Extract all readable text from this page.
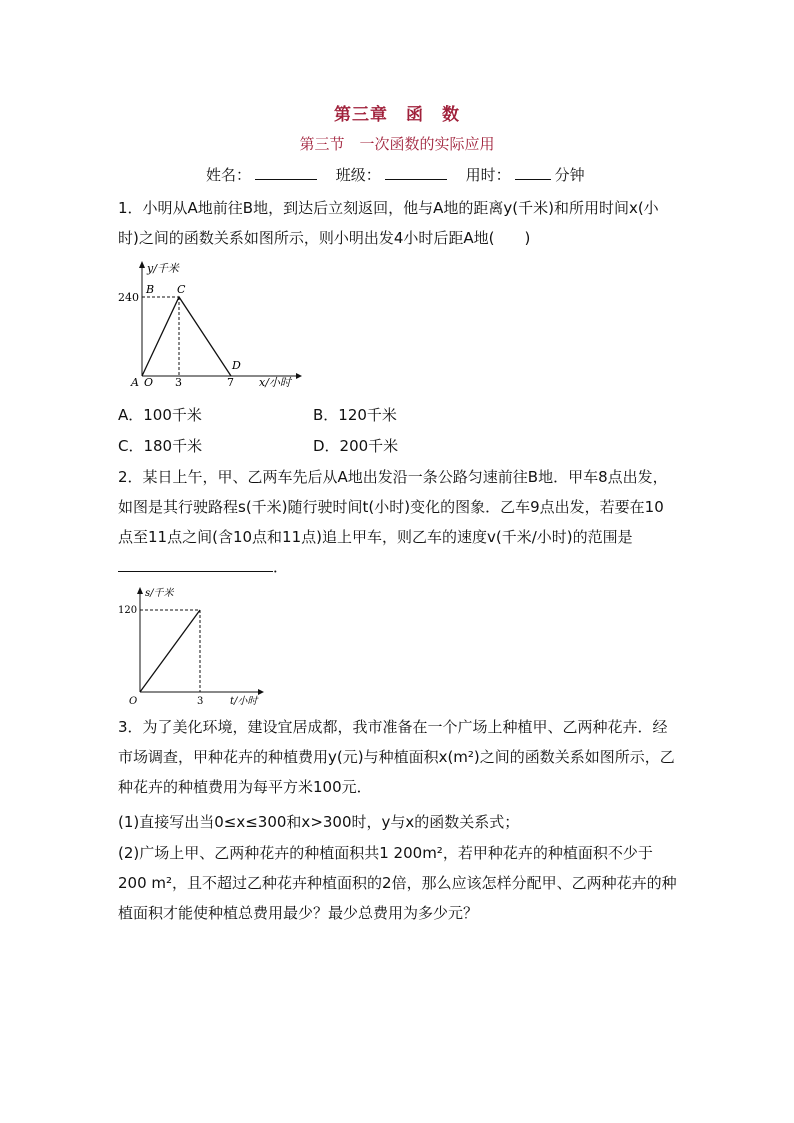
第三章　函　数
第三节　一次函数的实际应用
姓名：	班级：	用时：	分钟
1．小明从A地前往B地，到达后立刻返回，他与A地的距离y(千米)和所用时间x(小时)之间的函数关系如图所示，则小明出发4小时后距A地(　　)
y/千米
x/小时
240
3	7
O
A
B C
D
A．100千米	B．120千米
C．180千米	D．200千米
2．某日上午，甲、乙两车先后从A地出发沿一条公路匀速前往B地．甲车8点出发，如图是其行驶路程s(千米)随行驶时间t(小时)变化的图象．乙车9点出发，若要在10点至11点之间(含10点和11点)追上甲车，则乙车的速度v(千米/小时)的范围是．
s/千米
t/小时
120
3
O
3．为了美化环境，建设宜居成都，我市准备在一个广场上种植甲、乙两种花卉．经市场调查，甲种花卉的种植费用y(元)与种植面积x(m²)之间的函数关系如图所示，乙种花卉的种植费用为每平方米100元．
(1)直接写出当0≤x≤300和x>300时，y与x的函数关系式；
(2)广场上甲、乙两种花卉的种植面积共1 200m²，若甲种花卉的种植面积不少于200 m²，且不超过乙种花卉种植面积的2倍，那么应该怎样分配甲、乙两种花卉的种植面积才能使种植总费用最少？最少总费用为多少元？
